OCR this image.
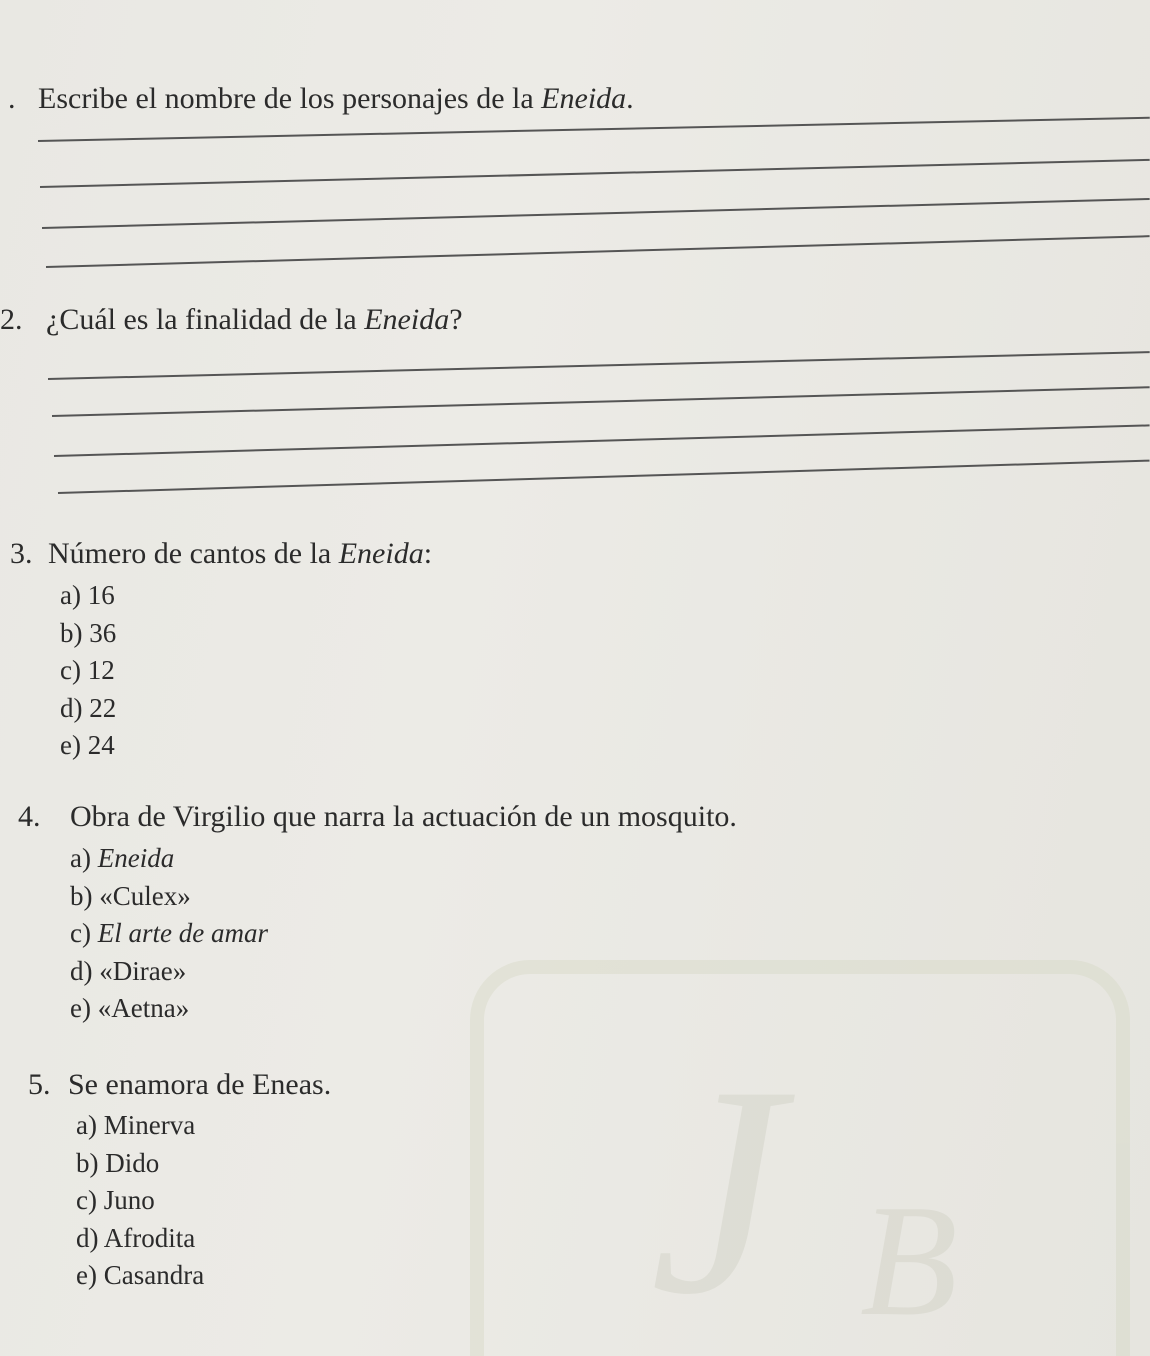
J B
. Escribe el nombre de los personajes de la Eneida.
2. ¿Cuál es la finalidad de la Eneida?
3. Número de cantos de la Eneida:
a) 16
b) 36
c) 12
d) 22
e) 24
4. Obra de Virgilio que narra la actuación de un mosquito.
a) Eneida
b) «Culex»
c) El arte de amar
d) «Dirae»
e) «Aetna»
5. Se enamora de Eneas.
a) Minerva
b) Dido
c) Juno
d) Afrodita
e) Casandra
